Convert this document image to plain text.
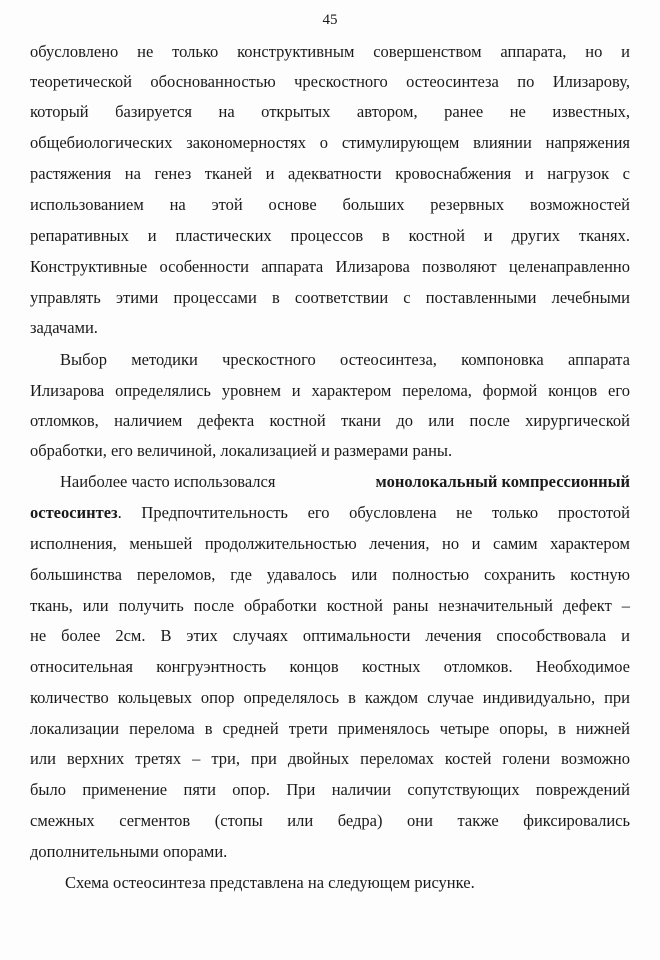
45
обусловлено не только конструктивным совершенством аппарата, но и
теоретической обоснованностью чрескостного остеосинтеза по Илизарову,
который базируется на открытых автором, ранее не известных,
общебиологических закономерностях о стимулирующем влиянии напряжения
растяжения на генез тканей и адекватности кровоснабжения и нагрузок с
использованием на этой основе больших резервных возможностей
репаративных и пластических процессов в костной и других тканях.
Конструктивные особенности аппарата Илизарова позволяют целенаправленно
управлять этими процессами в соответствии с поставленными лечебными
задачами.
Выбор методики чрескостного остеосинтеза, компоновка аппарата
Илизарова определялись уровнем и характером перелома, формой концов его
отломков, наличием дефекта костной ткани до или после хирургической
обработки, его величиной, локализацией и размерами раны.
Наиболее часто использовался	монолокальный компрессионный
остеосинтез . Предпочтительность его обусловлена не только простотой
исполнения, меньшей продолжительностью лечения, но и самим характером
большинства переломов, где удавалось или полностью сохранить костную
ткань, или получить после обработки костной раны незначительный дефект –
не более 2см. В этих случаях оптимальности лечения способствовала и
относительная конгруэнтность концов костных отломков. Необходимое
количество кольцевых опор определялось в каждом случае индивидуально, при
локализации перелома в средней трети применялось четыре опоры, в нижней
или верхних третях – три, при двойных переломах костей голени возможно
было применение пяти опор. При наличии сопутствующих повреждений
смежных сегментов (стопы или бедра) они также фиксировались
дополнительными опорами.
Схема остеосинтеза представлена на следующем рисунке.
